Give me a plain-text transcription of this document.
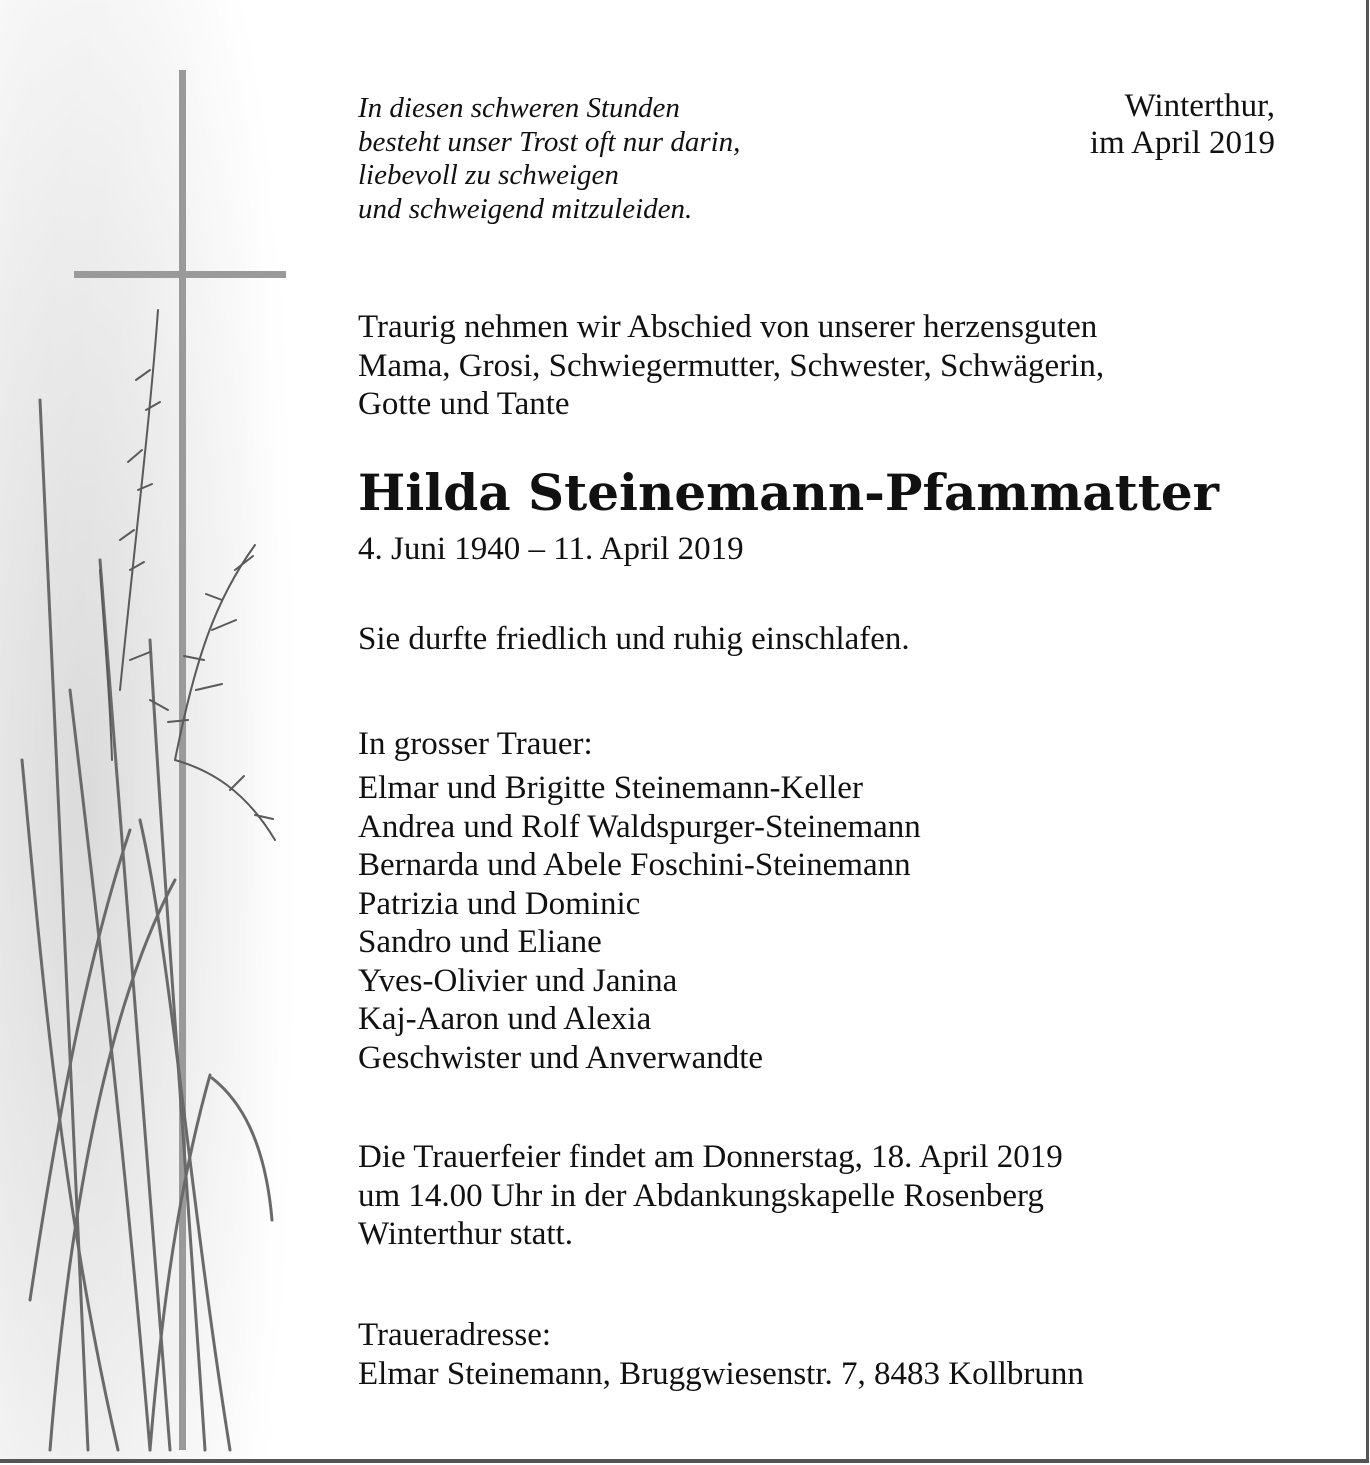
In diesen schweren Stunden
besteht unser Trost oft nur darin,
liebevoll zu schweigen
und schweigend mitzuleiden.
Winterthur,
im April 2019
Traurig nehmen wir Abschied von unserer herzensguten
Mama, Grosi, Schwiegermutter, Schwester, Schwägerin,
Gotte und Tante
Hilda Steinemann-Pfammatter
4. Juni 1940 – 11. April 2019
Sie durfte friedlich und ruhig einschlafen.
In grosser Trauer:
Elmar und Brigitte Steinemann-Keller
Andrea und Rolf Waldspurger-Steinemann
Bernarda und Abele Foschini-Steinemann
Patrizia und Dominic
Sandro und Eliane
Yves-Olivier und Janina
Kaj-Aaron und Alexia
Geschwister und Anverwandte
Die Trauerfeier findet am Donnerstag, 18. April 2019
um 14.00 Uhr in der Abdankungskapelle Rosenberg
Winterthur statt.
Traueradresse:
Elmar Steinemann, Bruggwiesenstr. 7, 8483 Kollbrunn
